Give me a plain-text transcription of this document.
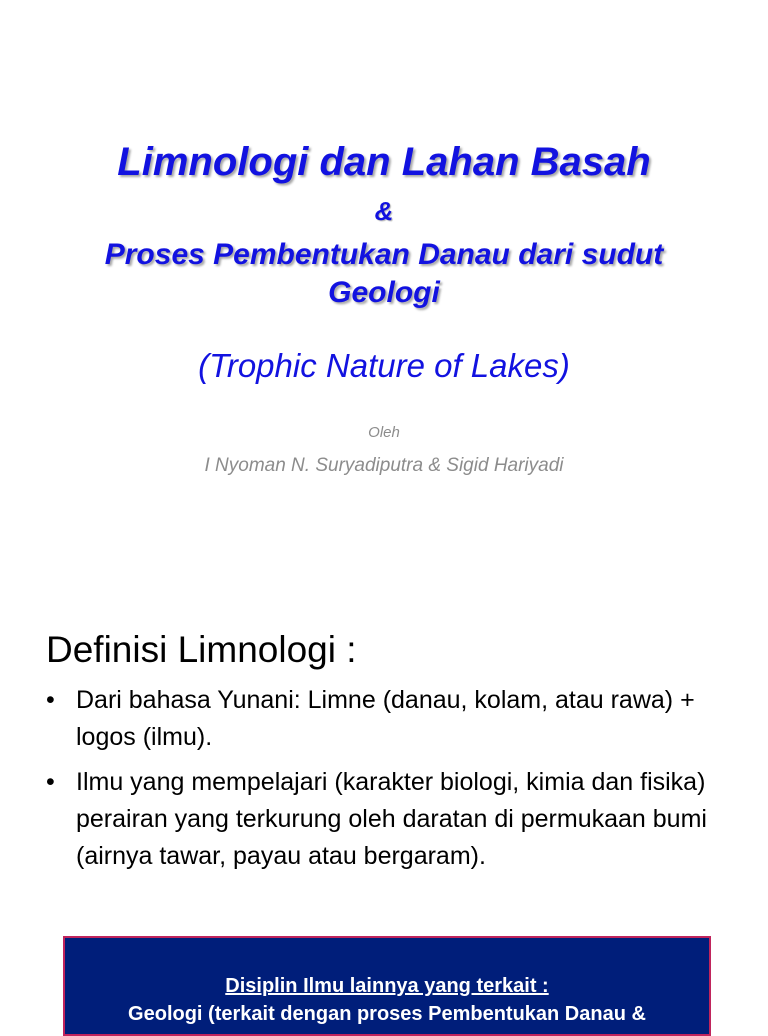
Limnologi dan Lahan Basah
&
Proses Pembentukan Danau dari sudut Geologi
(Trophic Nature of Lakes)
Oleh
I Nyoman N. Suryadiputra & Sigid Hariyadi
Definisi Limnologi :
• Dari bahasa Yunani: Limne (danau, kolam, atau rawa) + logos (ilmu).
• Ilmu yang mempelajari (karakter biologi, kimia dan fisika) perairan yang terkurung oleh daratan di permukaan bumi (airnya tawar, payau atau bergaram).
Disiplin Ilmu lainnya yang terkait :
Geologi (terkait dengan proses Pembentukan Danau &
